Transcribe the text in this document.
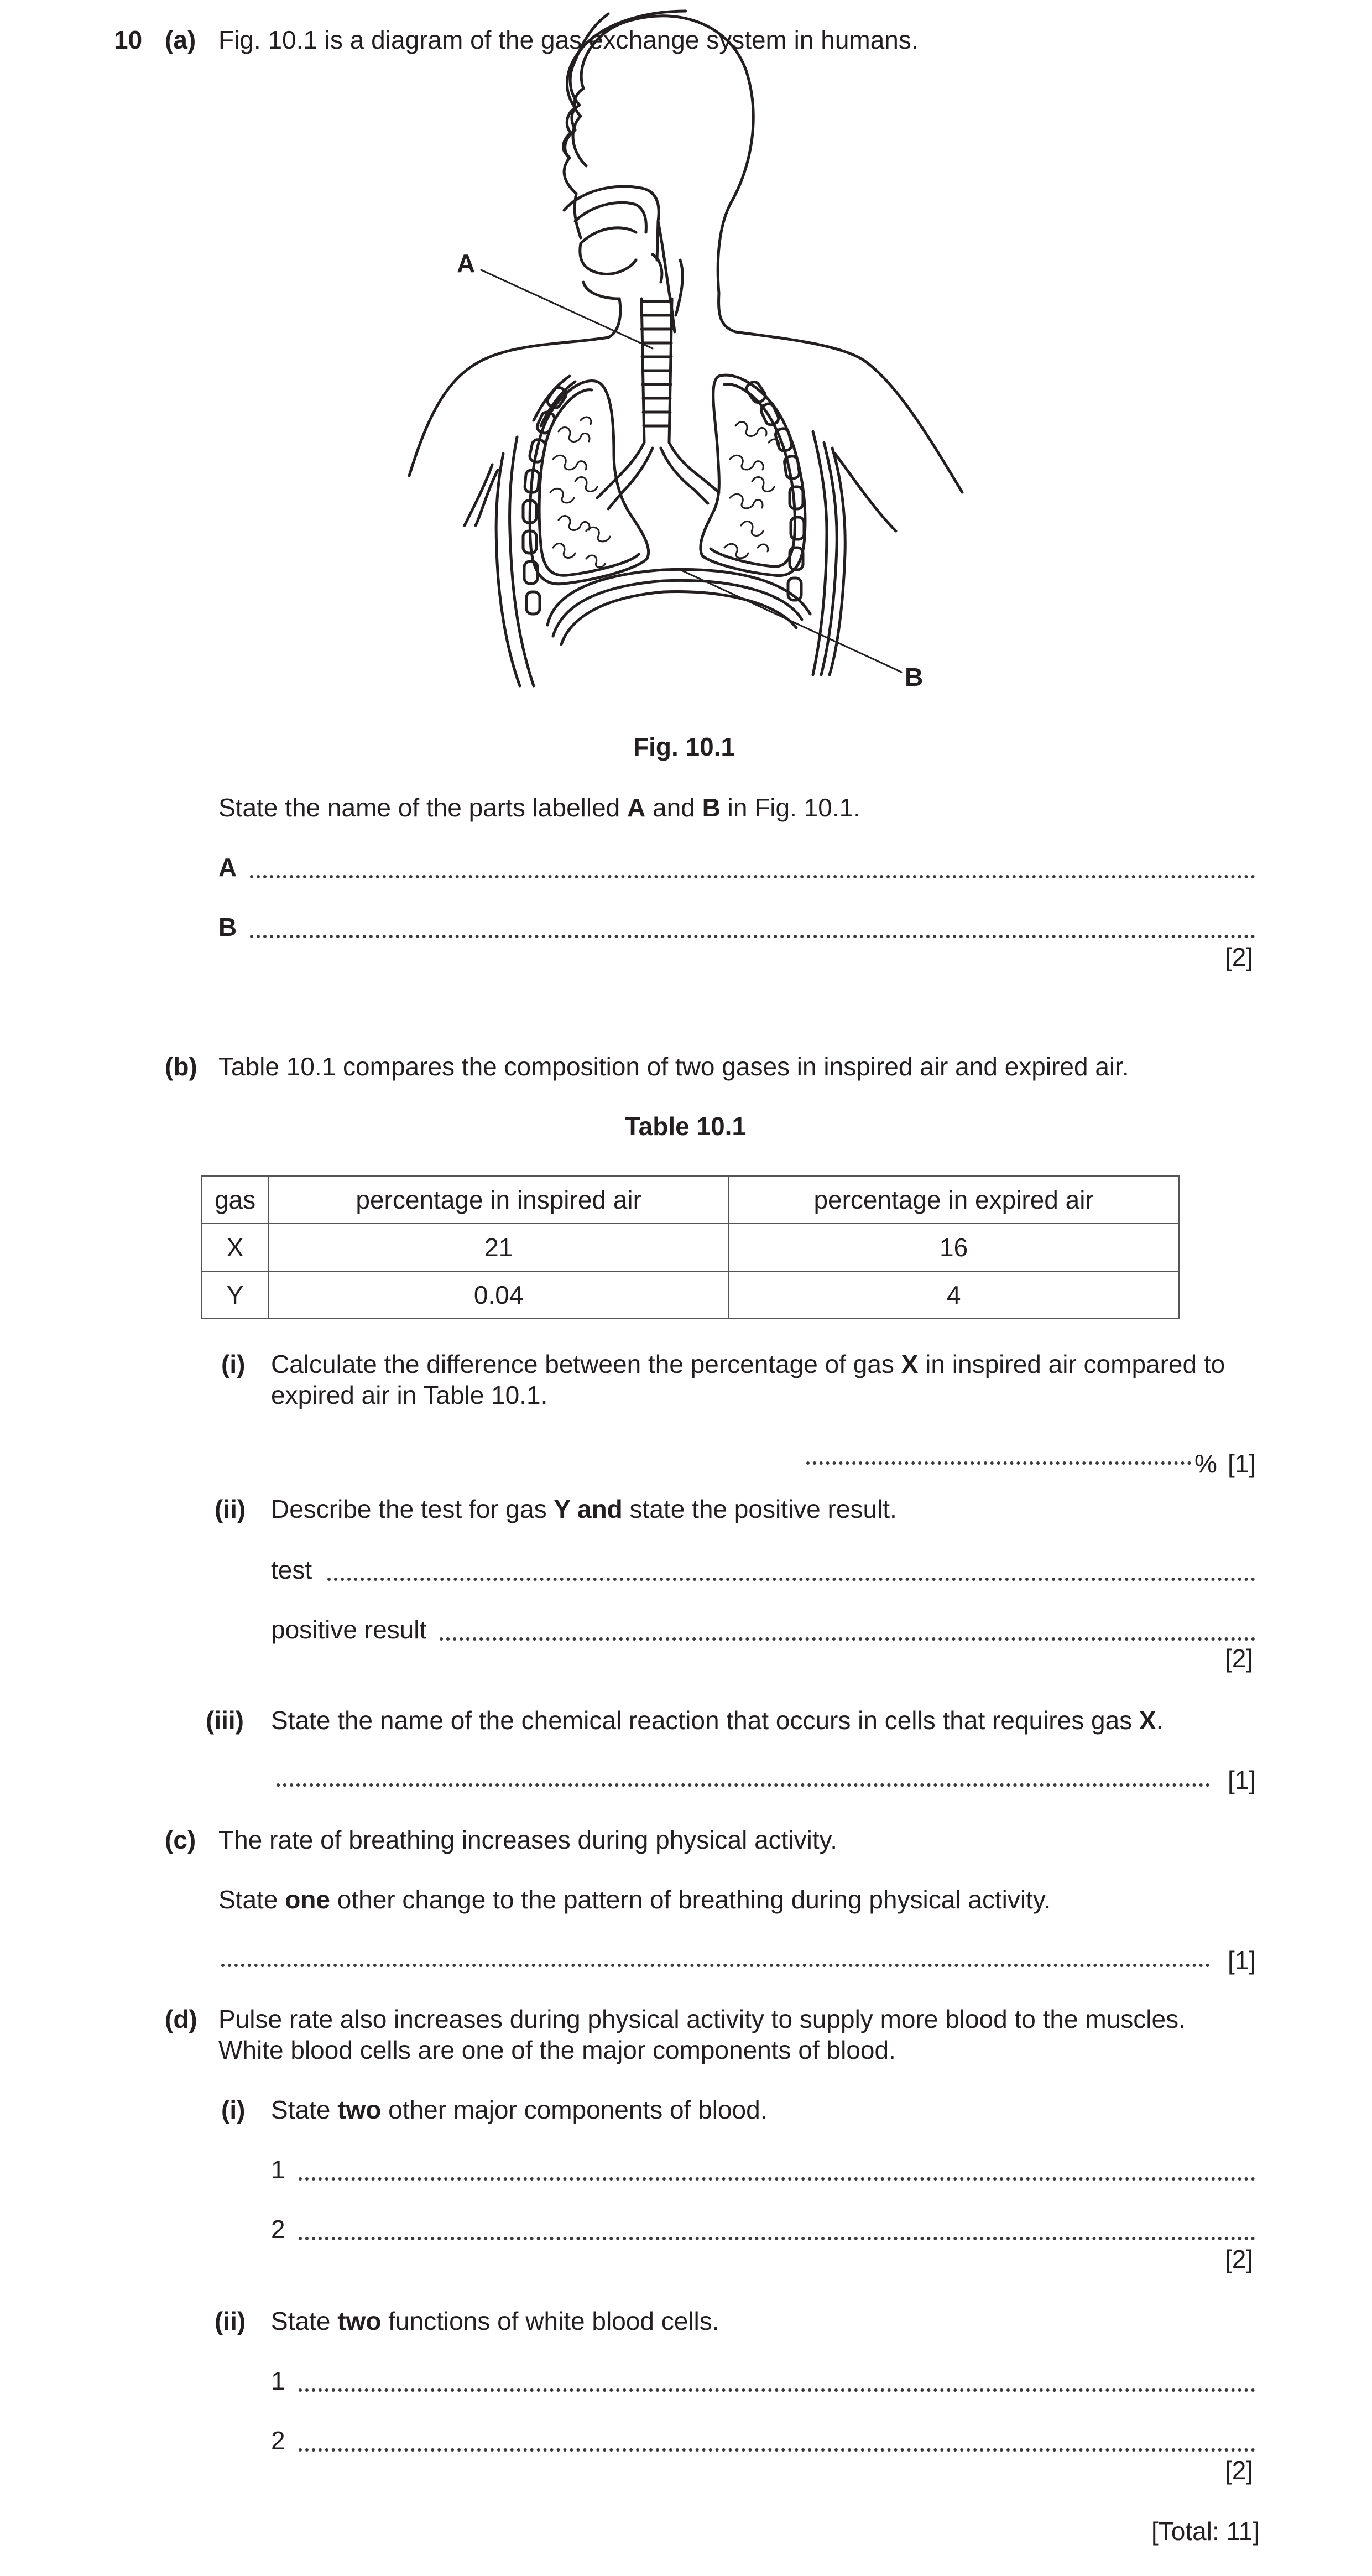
10 (a) Fig. 10.1 is a diagram of the gas exchange system in humans.
A
B
Fig. 10.1
State the name of the parts labelled A and B in Fig. 10.1.
A
B
[2]
(b) Table 10.1 compares the composition of two gases in inspired air and expired air.
Table 10.1
gas	percentage in inspired air	percentage in expired air
X	21	16
Y	0.04	4
(i) Calculate the difference between the percentage of gas X in inspired air compared to
expired air in Table 10.1.
% [1]
(ii) Describe the test for gas Y and state the positive result.
test
positive result
[2]
(iii) State the name of the chemical reaction that occurs in cells that requires gas X.
[1]
(c) The rate of breathing increases during physical activity.
State one other change to the pattern of breathing during physical activity.
[1]
(d) Pulse rate also increases during physical activity to supply more blood to the muscles.
White blood cells are one of the major components of blood.
(i) State two other major components of blood.
1
2
[2]
(ii) State two functions of white blood cells.
1
2
[2]
[Total: 11]
